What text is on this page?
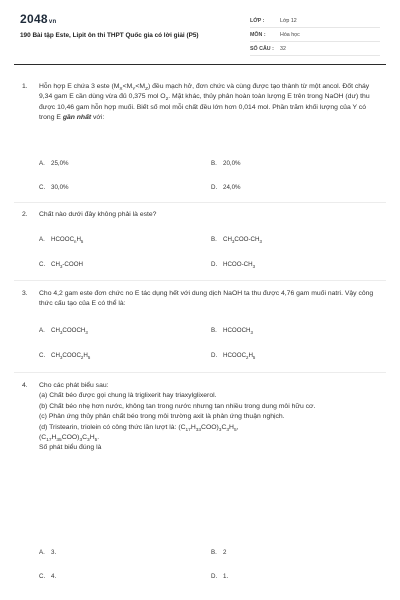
2048vn
190 Bài tập Este, Lipit ôn thi THPT Quốc gia có lời giải (P5)
LỚP :	Lớp 12
MÔN :	Hóa học
SỐ CÂU :	32
1.	Hỗn hợp E chứa 3 este $(M_X<M_Y<M_Z)$ đều mạch hở, đơn chức và cùng được tạo thành từ một ancol. Đốt cháy 9,34 gam E cần dùng vừa đủ 0,375 mol $O_2$. Mặt khác, thủy phân hoàn toàn lượng E trên trong NaOH (dư) thu được 10,46 gam hỗn hợp muối. Biết số mol mỗi chất đều lớn hơn 0,014 mol. Phần trăm khối lượng của Y có trong E gần nhất với:

A. 25,0%	B. 20,0%
C. 30,0%	D. 24,0%
2.	Chất nào dưới đây không phải là este?
A. $HCOOC_nH_5$	B. $CH_3COO-CH_3$
C. $CH_3$-COOH	D. HCOO-$CH_3$
3.	Cho 4,2 gam este đơn chức no E tác dụng hết với dung dịch NaOH ta thu được 4,76 gam muối natri. Vậy công thức cấu tạo của E có thể là:
A. $CH_3COOCH_3$	B. $HCOOCH_3$
C. $CH_3COOC_2H_5$	D. $HCOOC_2H_5$
4.	Cho các phát biểu sau:

(a) Chất béo được gọi chung là triglixerit hay triaxylglixerol.

(b) Chất béo nhẹ hơn nước, không tan trong nước nhưng tan nhiều trong dung môi hữu cơ.

(c) Phản ứng thủy phân chất béo trong môi trường axit là phản ứng thuận nghịch.

(d) Tristearin, triolein có công thức lần lượt là: $(C_{17}H_{33}COO)_3C_3H_5$,
$(C_{17}H_{35}COO)_3C_3H_5$.

Số phát biểu đúng là

A. 3.	B. 2
C. 4.	D. 1.
